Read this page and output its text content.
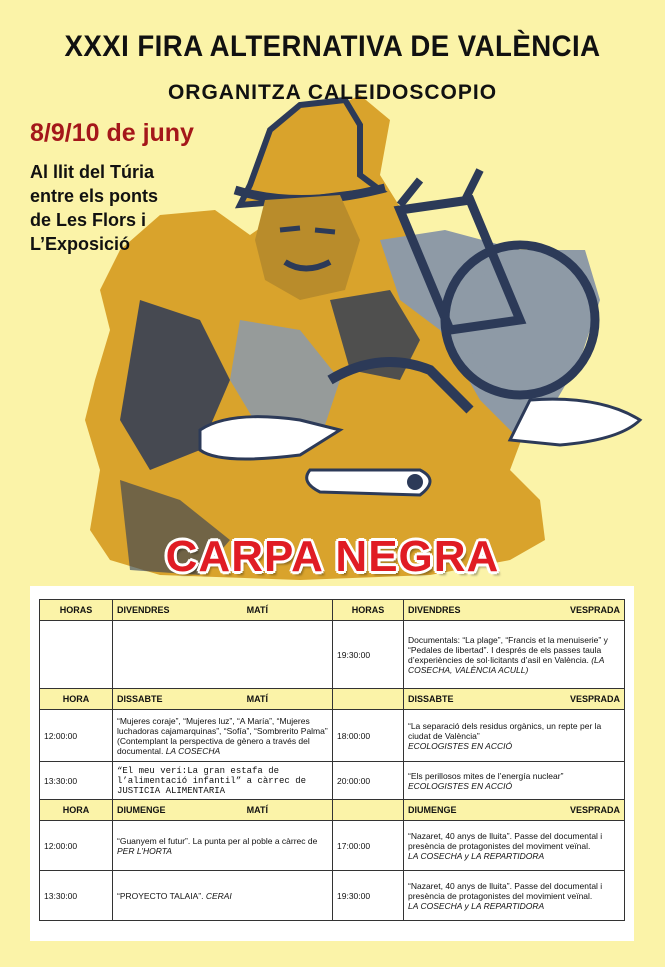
XXXI FIRA ALTERNATIVA DE VALÈNCIA
ORGANITZA CALEIDOSCOPIO
8/9/10 de juny
Al llit del Túria
entre els ponts
de Les Flors i
L’Exposició
CARPA NEGRA
HORAS	DIVENDRES MATÍ	HORAS	DIVENDRES VESPRADA

		19:30:00	Documentals: “La plage”, “Francis et la menuiserie” y “Pedales de libertad”. I després de els passes taula d’experiències de sol·licitants d’asil en València. (LA COSECHA, VALÈNCIA ACULL)
HORA	DISSABTE MATÍ		DISSABTE VESPRADA

12:00:00	“Mujeres coraje”, “Mujeres luz”, “A María”, “Mujeres luchadoras cajamarquinas”, “Sofía”, “Sombrerito Palma” (Contemplant la perspectiva de gènero a través del documental. LA COSECHA	18:00:00	“La separació dels residus orgànics, un repte per la ciudat de València”
ECOLOGISTES EN ACCIÓ
13:30:00	“El meu verí:La gran estafa de l’alimentació infantil” a càrrec de JUSTICIA ALIMENTARIA	20:00:00	“Els perillosos mites de l’energía nuclear”
ECOLOGISTES EN ACCIÓ
HORA	DIUMENGE MATÍ		DIUMENGE VESPRADA

12:00:00	“Guanyem el futur”. La punta per al poble a càrrec de PER L’HORTA	17:00:00	“Nazaret, 40 anys de lluita”. Passe del documental i presència de protagonistes del moviment veïnal.
LA COSECHA y LA REPARTIDORA
13:30:00	“PROYECTO TALAIA”. CERAI	19:30:00	“Nazaret, 40 anys de lluita”. Passe del documental i presència de protagonistes del movimient veïnal.
LA COSECHA y LA REPARTIDORA
